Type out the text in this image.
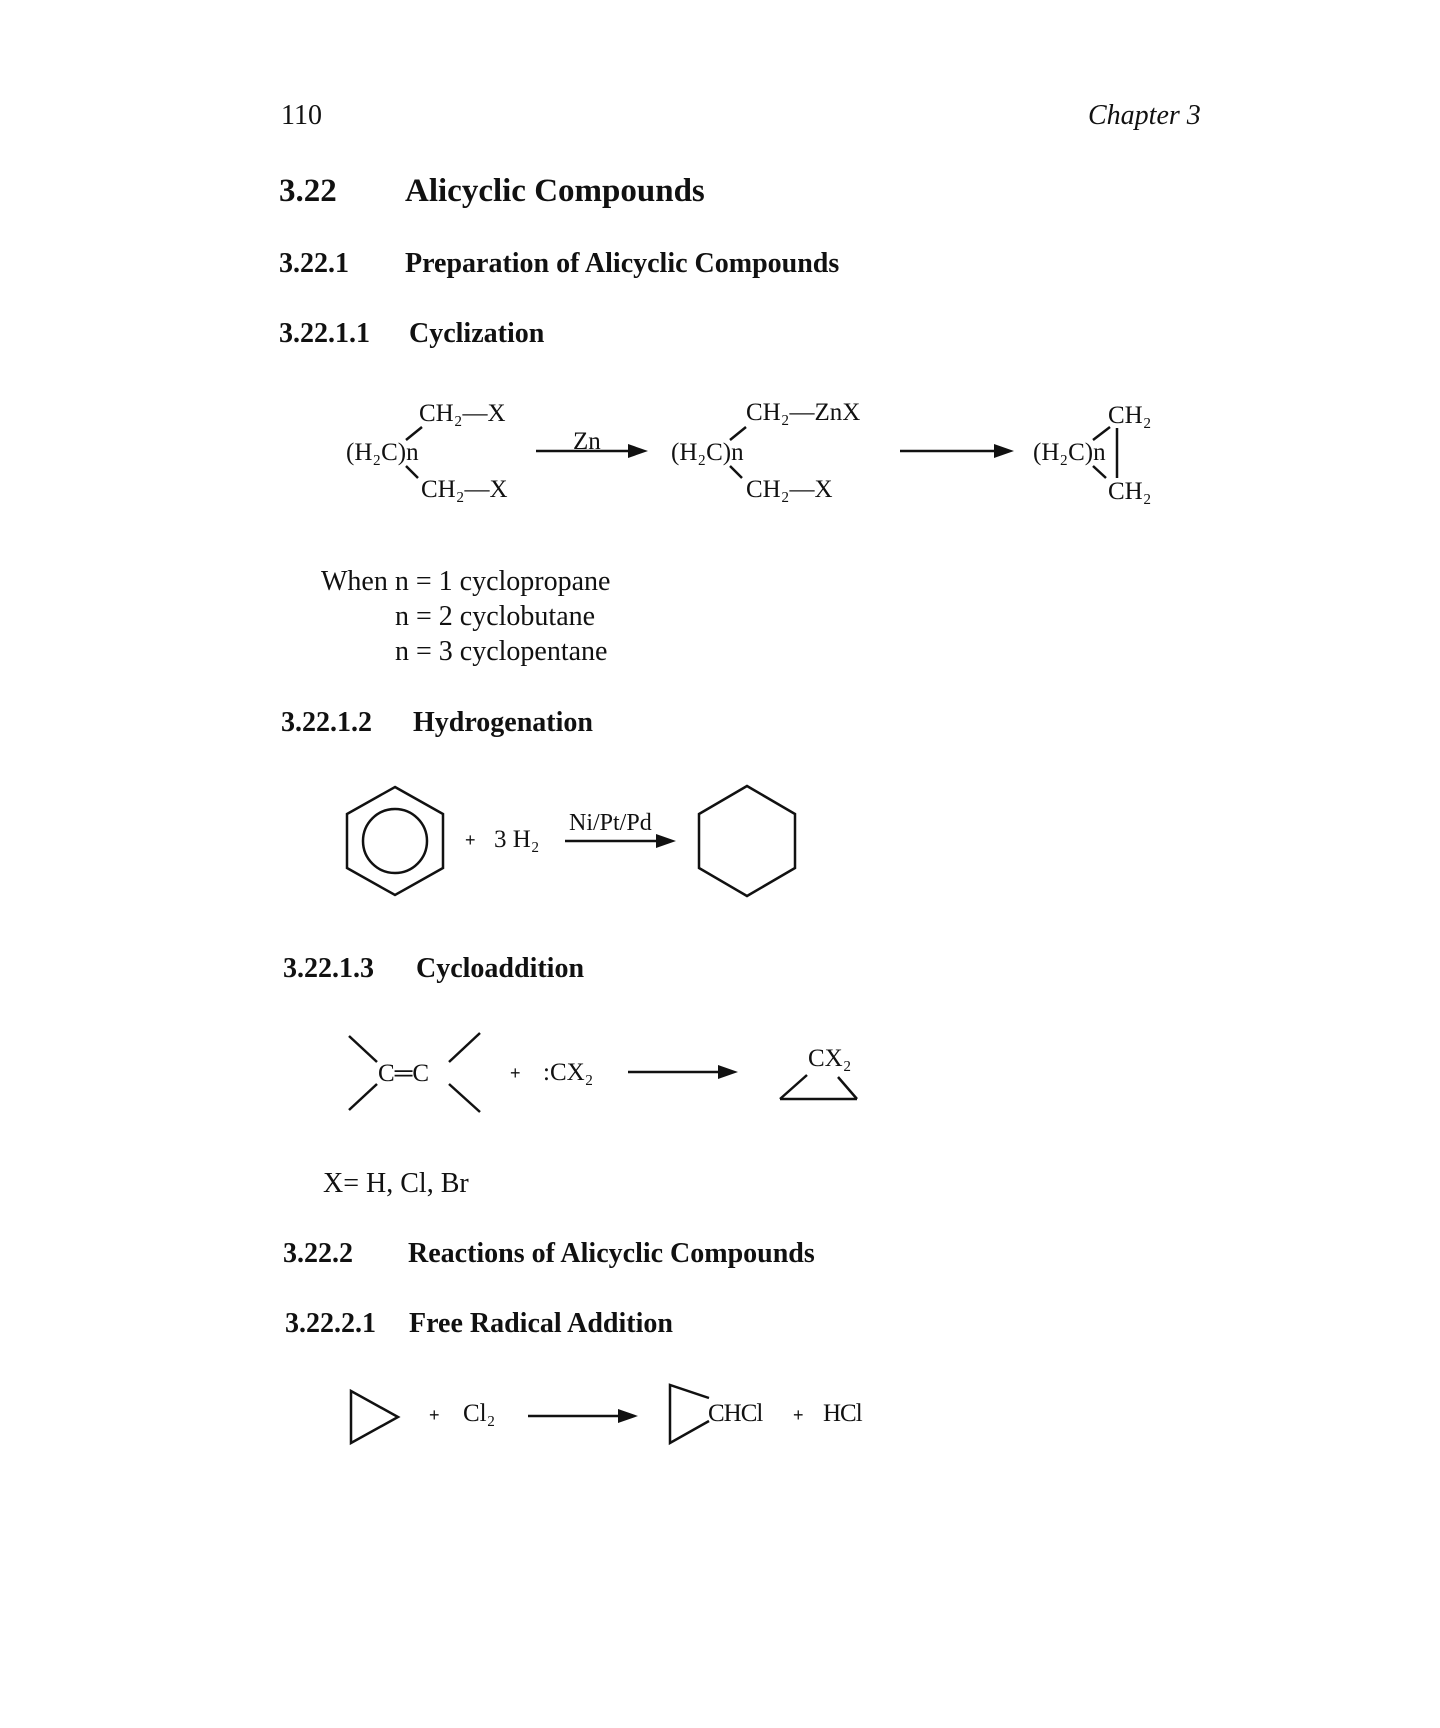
110	Chapter 3
3.22 Alicyclic Compounds
3.22.1 Preparation of Alicyclic Compounds
3.22.1.1 Cyclization
CH₂—X
(H₂C)n
CH₂—X
Zn
CH₂—ZnX
(H₂C)n
CH₂—X
CH₂
(H₂C)n
CH₂
When n = 1 cyclopropane
n = 2 cyclobutane
n = 3 cyclopentane
3.22.1.2 Hydrogenation
+ 3 H₂
Ni/Pt/Pd
3.22.1.3 Cycloaddition
C═C	+ :CX₂
CX₂
X= H, Cl, Br
3.22.2 Reactions of Alicyclic Compounds
3.22.2.1 Free Radical Addition
+ Cl₂	CHCl + HCl
